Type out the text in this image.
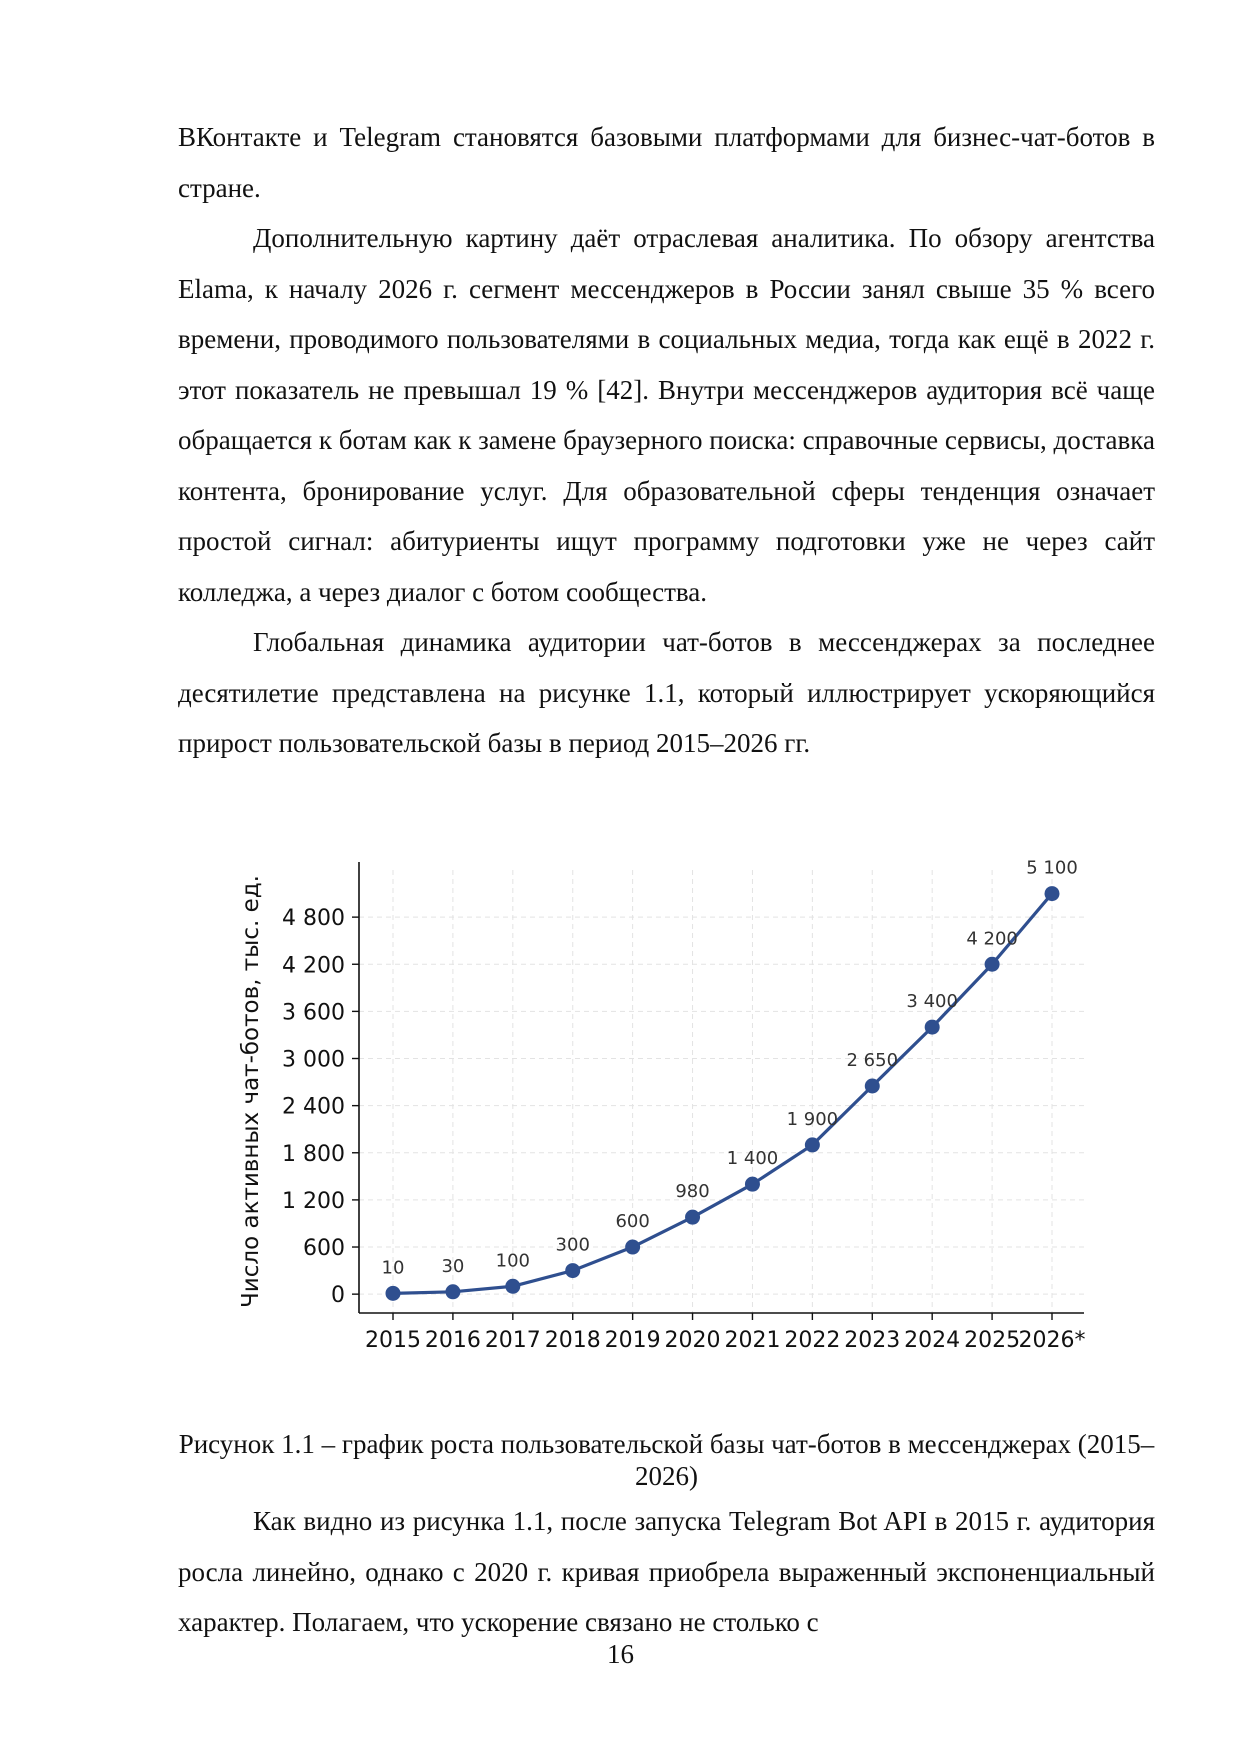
ВКонтакте и Telegram становятся базовыми платформами для бизнес-чат-ботов в стране.

Дополнительную картину даёт отраслевая аналитика. По обзору агентства Elama, к началу 2026 г. сегмент мессенджеров в России занял свыше 35 % всего времени, проводимого пользователями в социальных медиа, тогда как ещё в 2022 г. этот показатель не превышал 19 % [42]. Внутри мессенджеров аудитория всё чаще обращается к ботам как к замене браузерного поиска: справочные сервисы, доставка контента, бронирование услуг. Для образовательной сферы тенденция означает простой сигнал: абитуриенты ищут программу подготовки уже не через сайт колледжа, а через диалог с ботом сообщества.

Глобальная динамика аудитории чат-ботов в мессенджерах за последнее десятилетие представлена на рисунке 1.1, который иллюстрирует ускоряющийся прирост пользовательской базы в период 2015–2026 гг.

0
600
1 200
1 800
2 400
3 000
3 600
4 200
4 800
2015 2016 2017 2018 2019 2020 2021 2022 2023 2024 2025
2026*
Число активных чат-ботов, тыс. ед.	10 30 100
300
600
980
1 400
1 900
2 650
3 400
4 200
5 100
Рисунок 1.1 – график роста пользовательской базы чат-ботов в мессенджерах (2015–2026)

Как видно из рисунка 1.1, после запуска Telegram Bot API в 2015 г. аудитория росла линейно, однако с 2020 г. кривая приобрела выраженный экспоненциальный характер. Полагаем, что ускорение связано не столько с

16
